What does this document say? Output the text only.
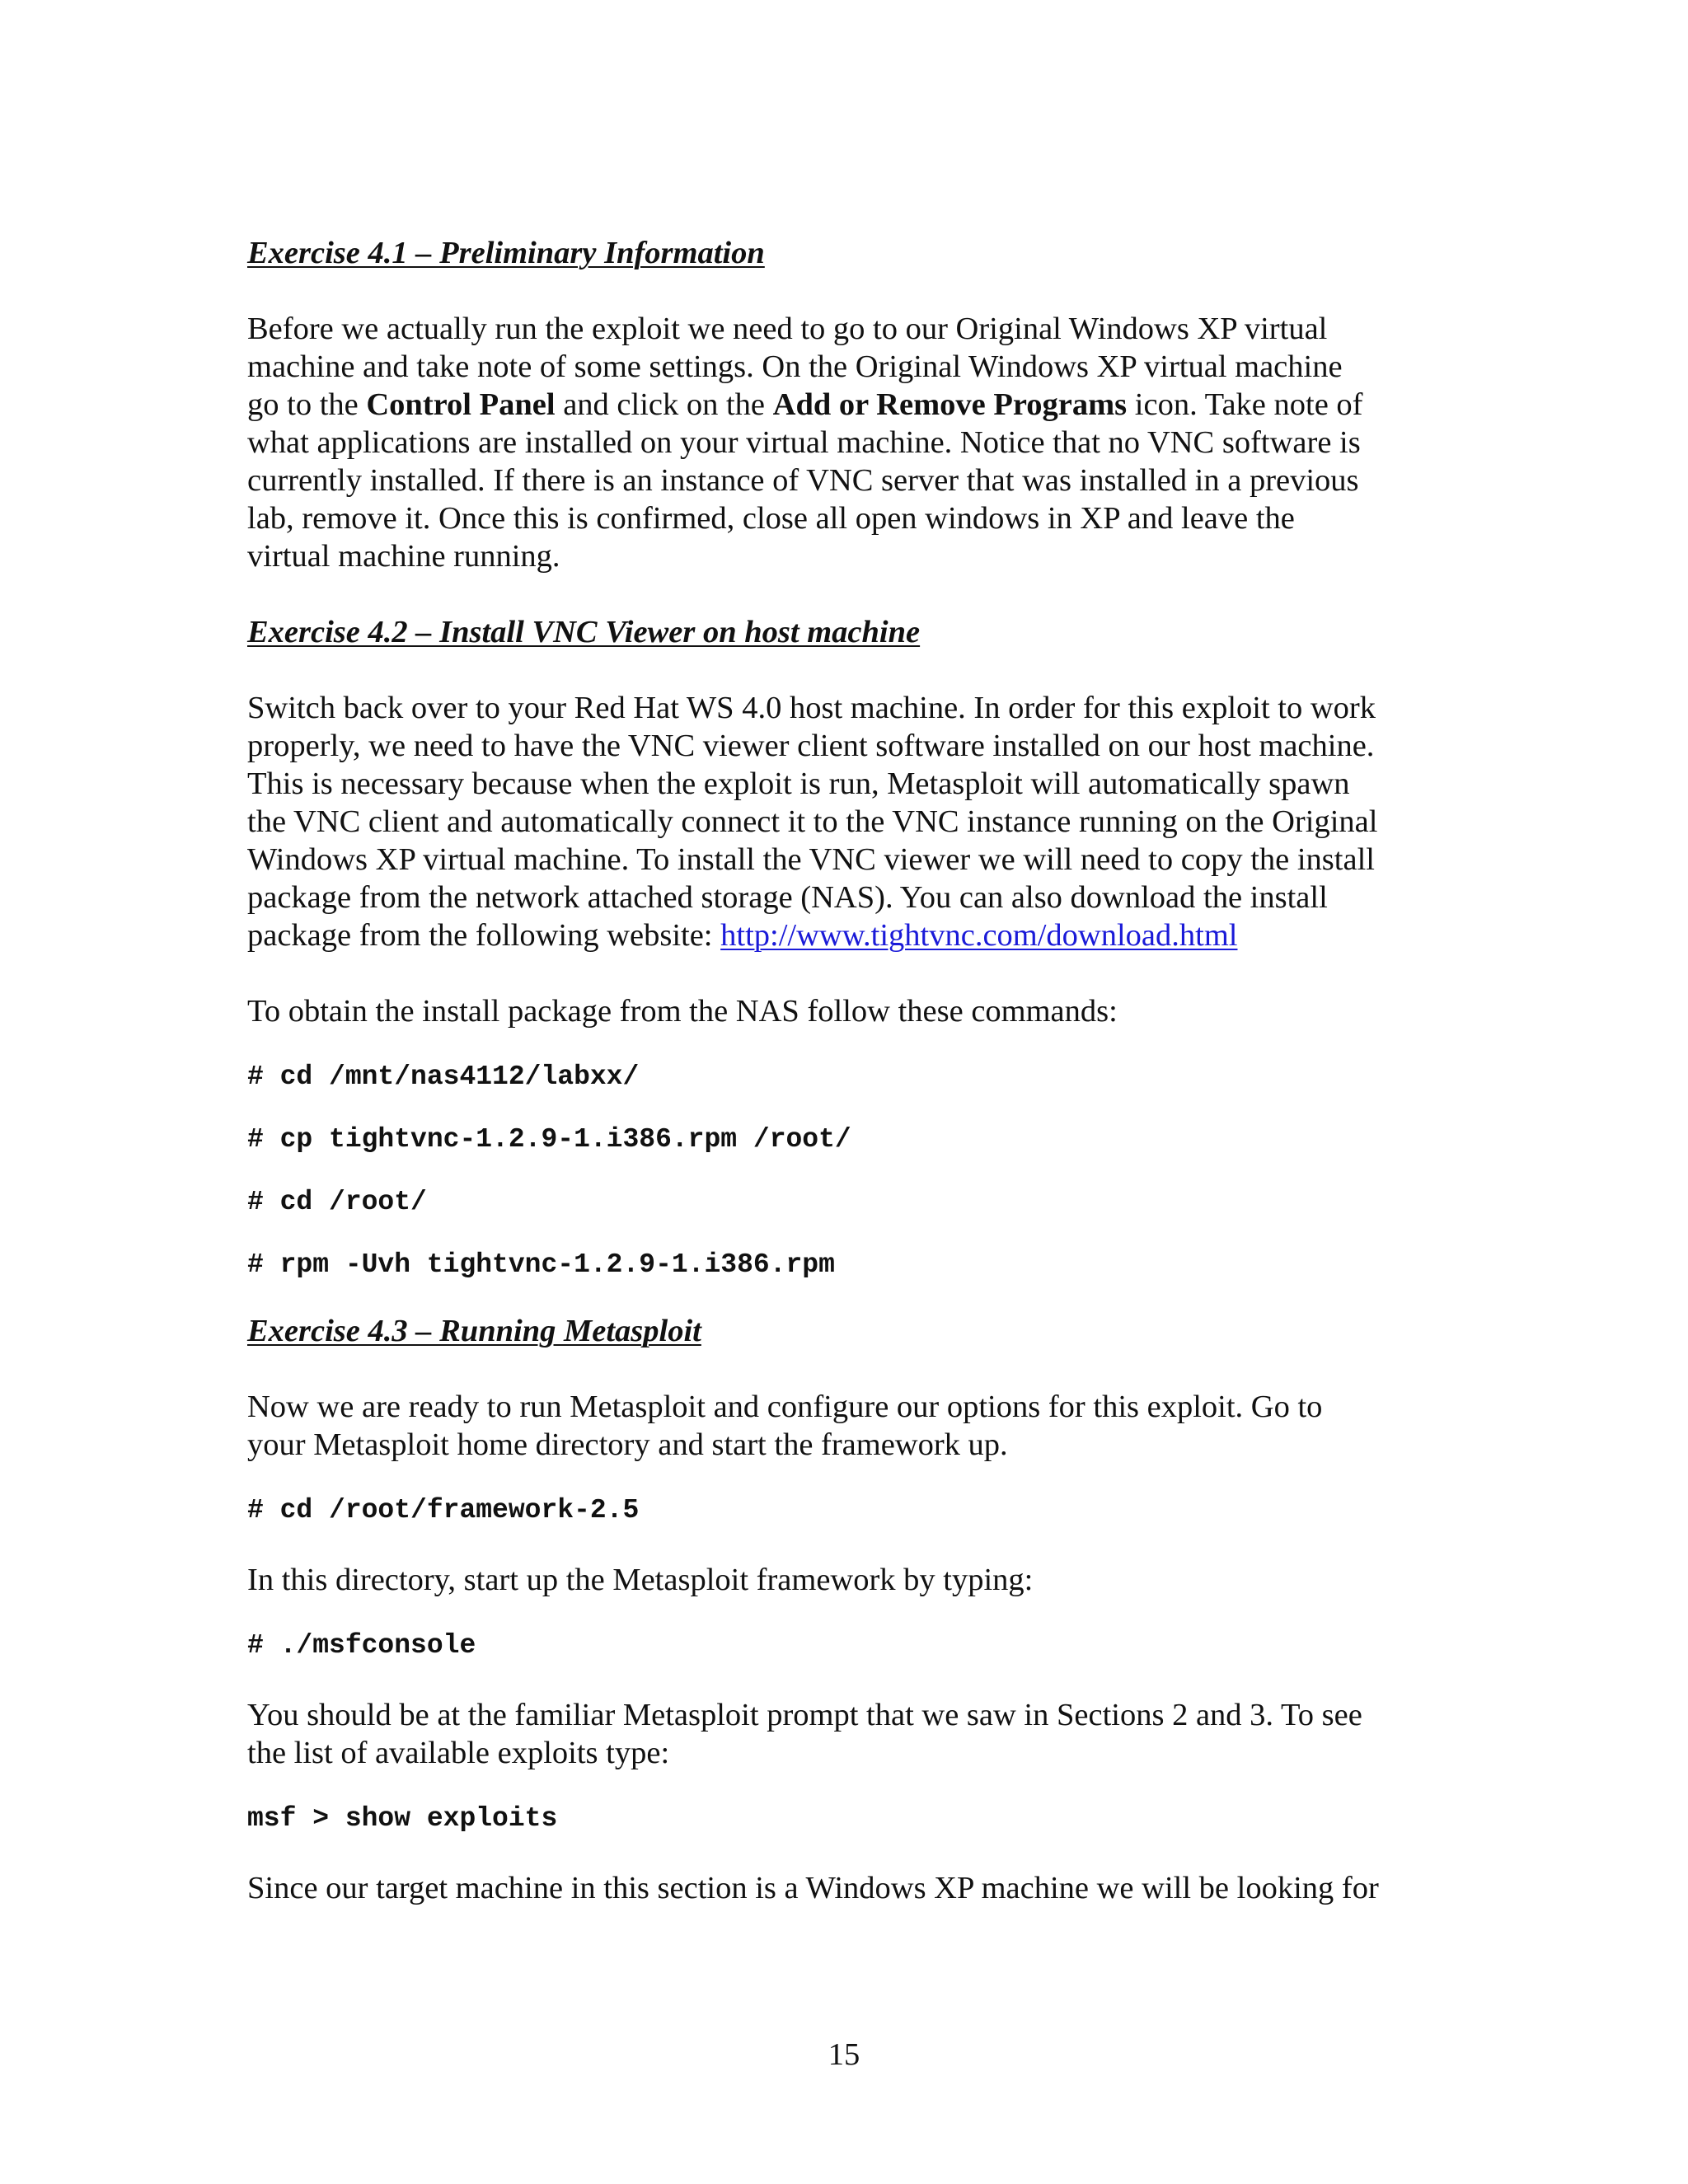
Exercise 4.1 – Preliminary Information
Before we actually run the exploit we need to go to our Original Windows XP virtual
machine and take note of some settings. On the Original Windows XP virtual machine
go to the Control Panel and click on the Add or Remove Programs icon. Take note of
what applications are installed on your virtual machine. Notice that no VNC software is
currently installed. If there is an instance of VNC server that was installed in a previous
lab, remove it. Once this is confirmed, close all open windows in XP and leave the
virtual machine running.
Exercise 4.2 – Install VNC Viewer on host machine
Switch back over to your Red Hat WS 4.0 host machine. In order for this exploit to work
properly, we need to have the VNC viewer client software installed on our host machine.
This is necessary because when the exploit is run, Metasploit will automatically spawn
the VNC client and automatically connect it to the VNC instance running on the Original
Windows XP virtual machine. To install the VNC viewer we will need to copy the install
package from the network attached storage (NAS). You can also download the install
package from the following website: http://www.tightvnc.com/download.html
To obtain the install package from the NAS follow these commands:
# cd /mnt/nas4112/labxx/
# cp tightvnc-1.2.9-1.i386.rpm /root/
# cd /root/
# rpm -Uvh tightvnc-1.2.9-1.i386.rpm
Exercise 4.3 – Running Metasploit
Now we are ready to run Metasploit and configure our options for this exploit. Go to
your Metasploit home directory and start the framework up.
# cd /root/framework-2.5
In this directory, start up the Metasploit framework by typing:
# ./msfconsole
You should be at the familiar Metasploit prompt that we saw in Sections 2 and 3. To see
the list of available exploits type:
msf > show exploits
Since our target machine in this section is a Windows XP machine we will be looking for
15
